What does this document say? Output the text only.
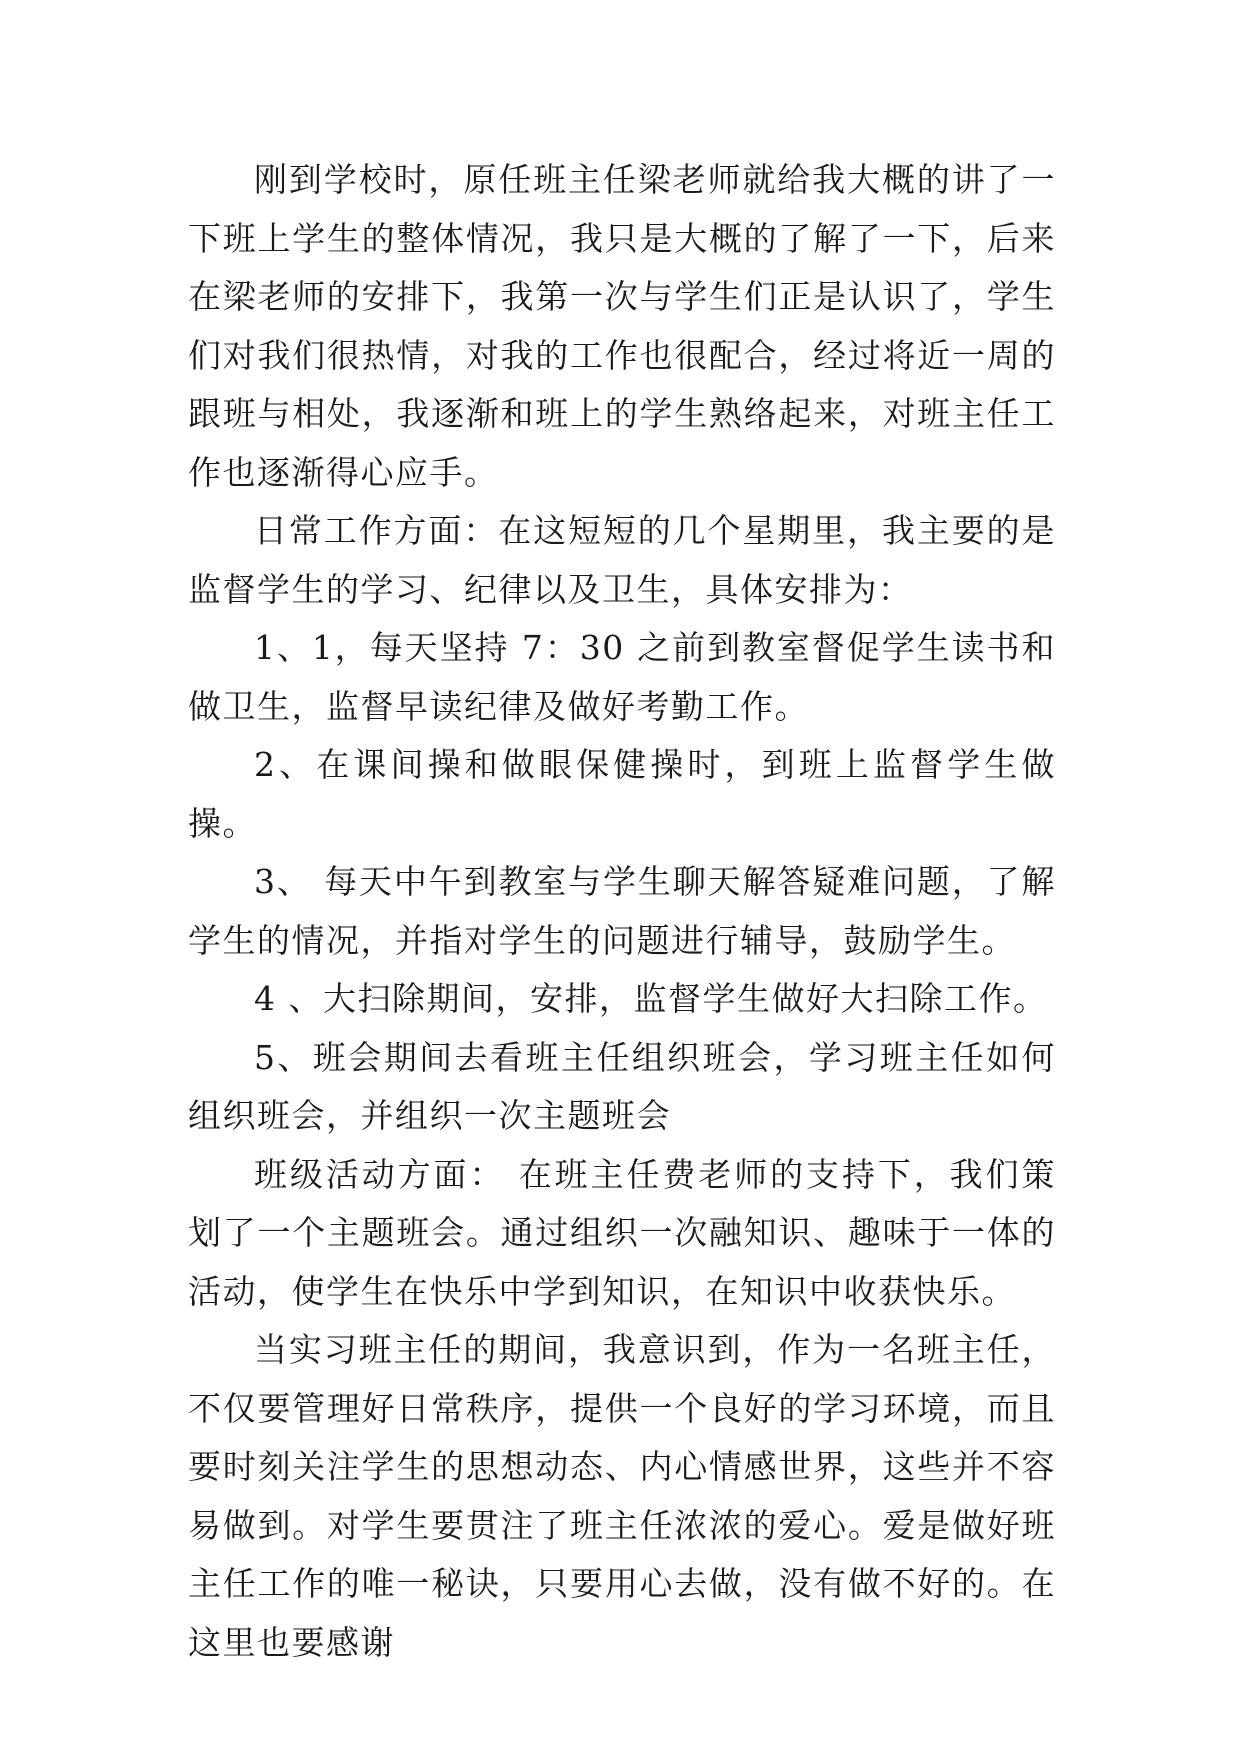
刚到学校时，原任班主任梁老师就给我大概的讲了一下班上学生的整体情况，我只是大概的了解了一下，后来在梁老师的安排下，我第一次与学生们正是认识了，学生们对我们很热情，对我的工作也很配合，经过将近一周的跟班与相处，我逐渐和班上的学生熟络起来，对班主任工作也逐渐得心应手。

日常工作方面：在这短短的几个星期里，我主要的是监督学生的学习、纪律以及卫生，具体安排为：

1、1，每天坚持 7：30 之前到教室督促学生读书和做卫生，监督早读纪律及做好考勤工作。

2、在课间操和做眼保健操时，到班上监督学生做操。

3、 每天中午到教室与学生聊天解答疑难问题，了解学生的情况，并指对学生的问题进行辅导，鼓励学生。

4 、大扫除期间，安排，监督学生做好大扫除工作。

5、班会期间去看班主任组织班会，学习班主任如何组织班会，并组织一次主题班会

班级活动方面： 在班主任费老师的支持下，我们策划了一个主题班会。通过组织一次融知识、趣味于一体的活动，使学生在快乐中学到知识，在知识中收获快乐。

当实习班主任的期间，我意识到，作为一名班主任，不仅要管理好日常秩序，提供一个良好的学习环境，而且要时刻关注学生的思想动态、内心情感世界，这些并不容易做到。对学生要贯注了班主任浓浓的爱心。爱是做好班主任工作的唯一秘诀，只要用心去做，没有做不好的。在这里也要感谢
